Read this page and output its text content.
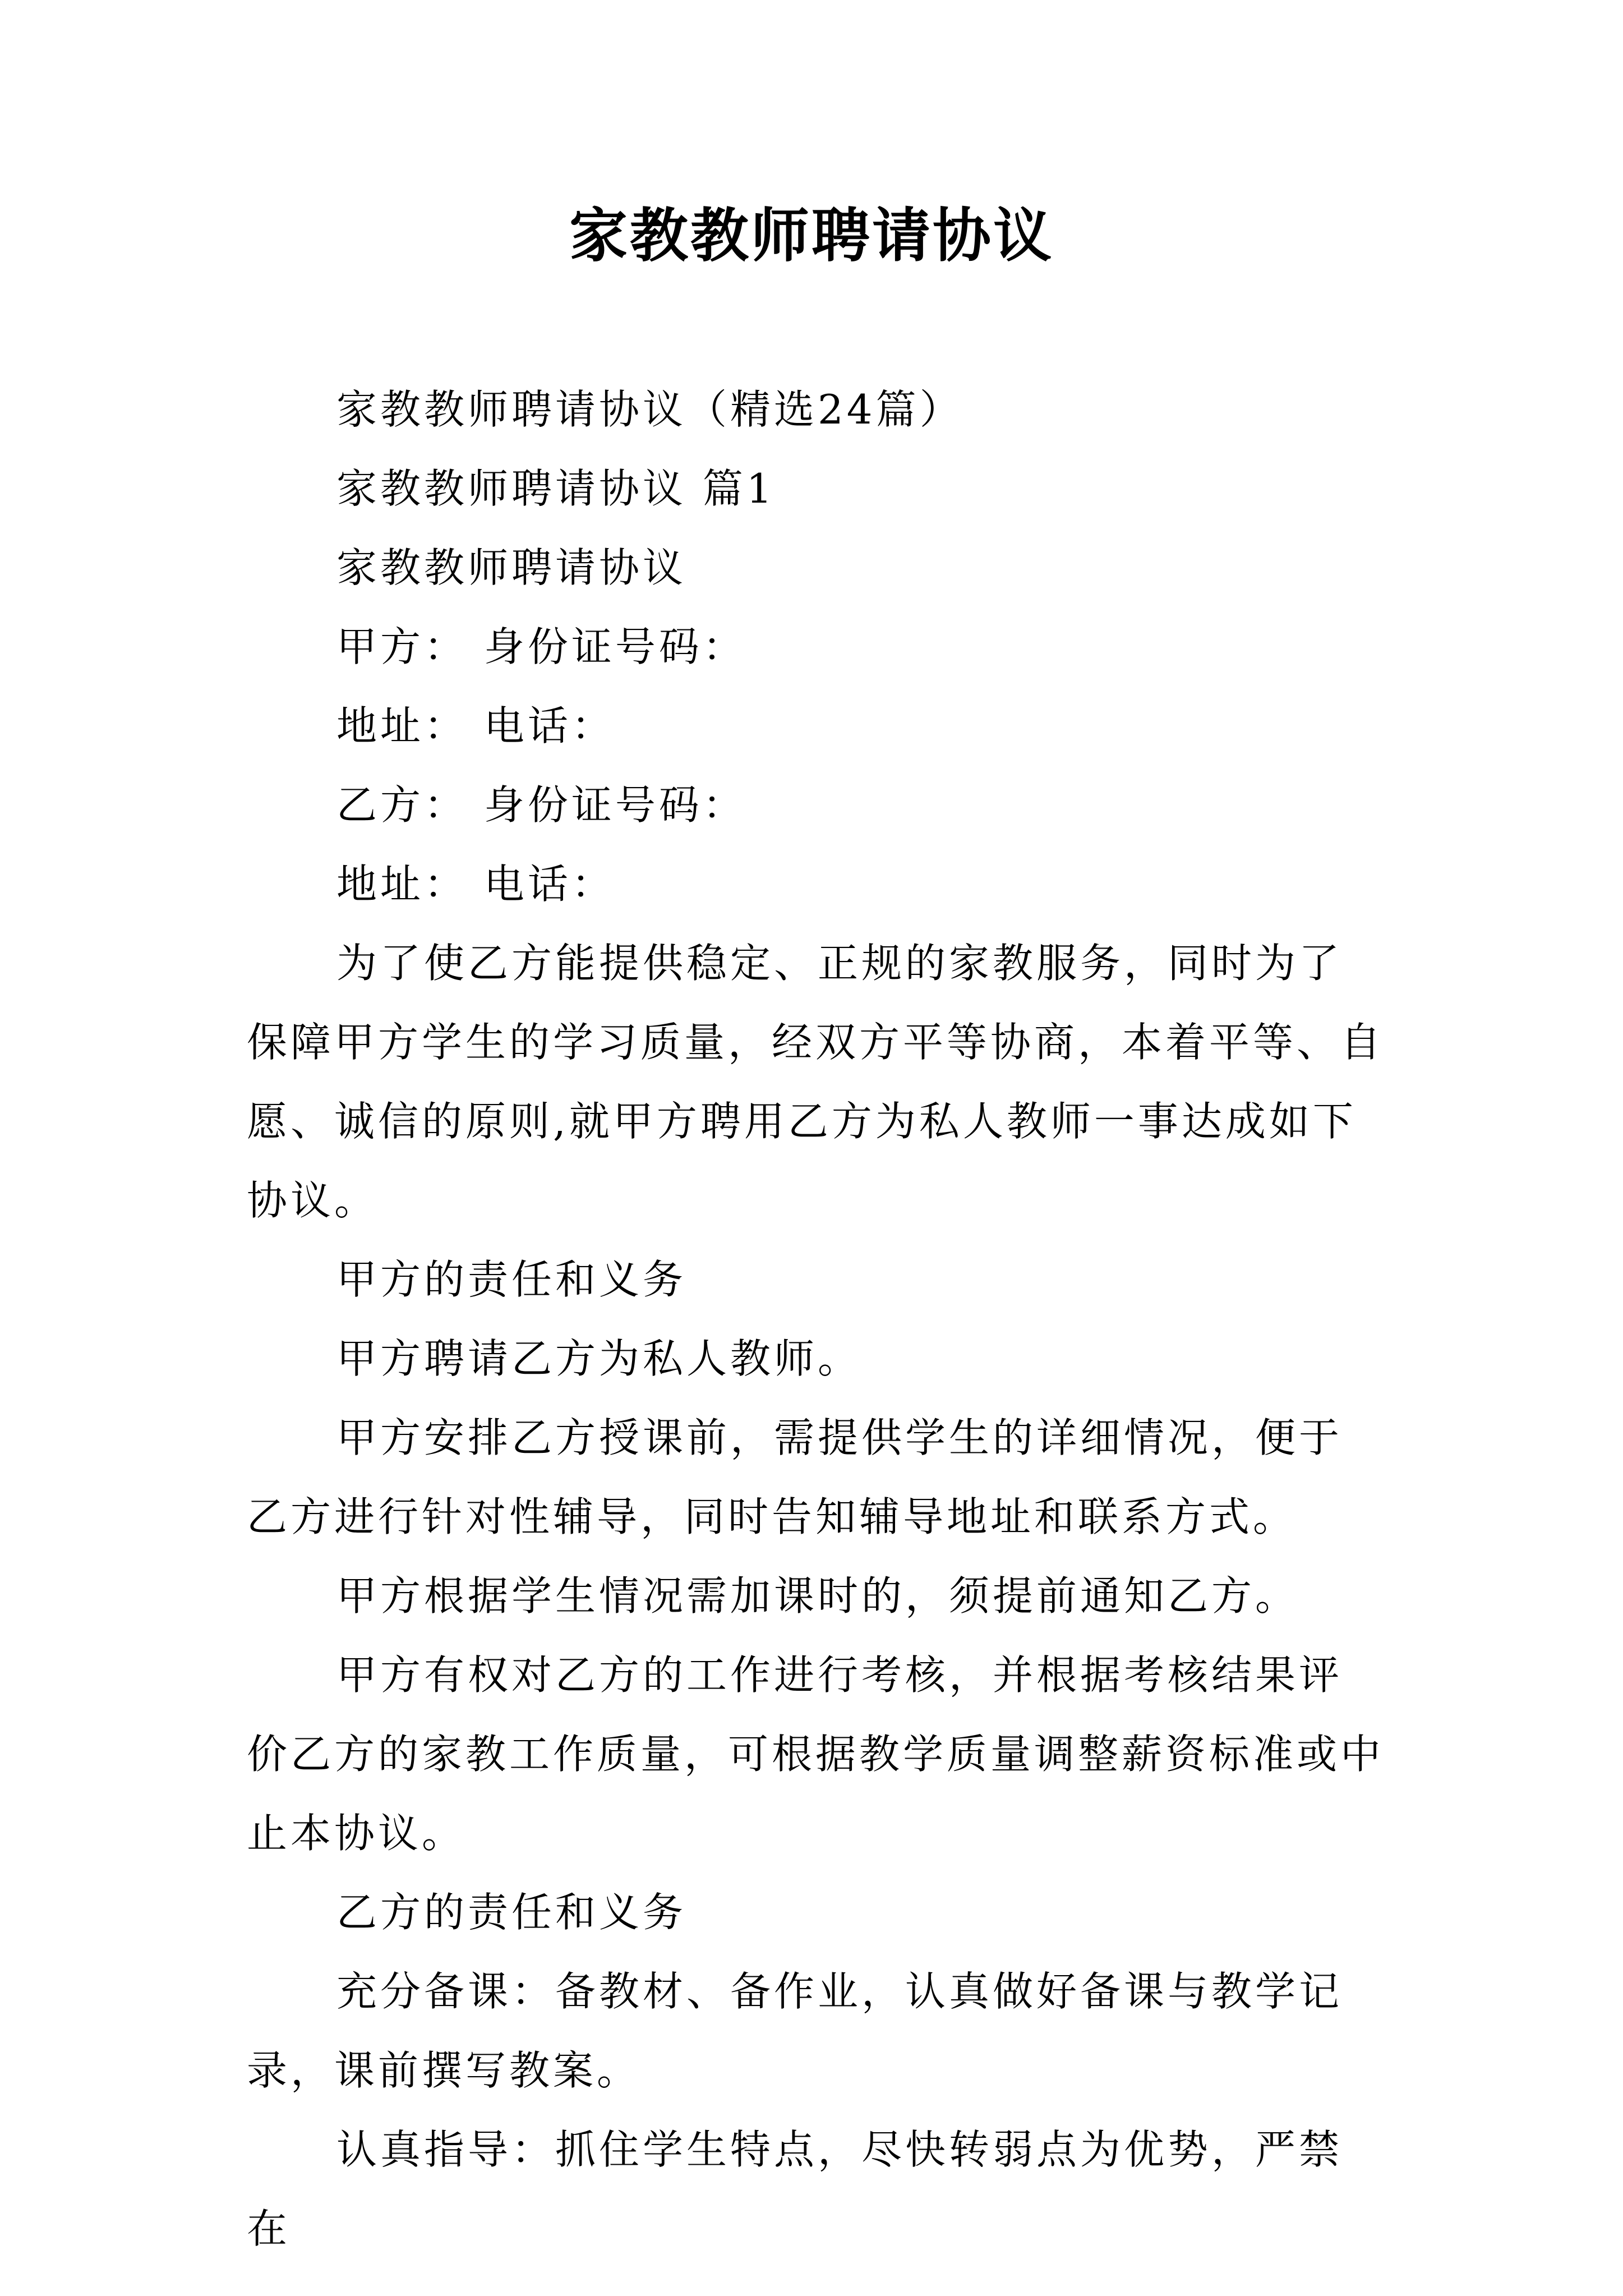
家教教师聘请协议

家教教师聘请协议（精选24篇）

家教教师聘请协议 篇1

家教教师聘请协议

甲方： 身份证号码：

地址： 电话：

乙方： 身份证号码：

地址： 电话：

为了使乙方能提供稳定、正规的家教服务，同时为了保障甲方学生的学习质量，经双方平等协商，本着平等、自愿、诚信的原则,就甲方聘用乙方为私人教师一事达成如下协议。

甲方的责任和义务

甲方聘请乙方为私人教师。

甲方安排乙方授课前，需提供学生的详细情况，便于乙方进行针对性辅导，同时告知辅导地址和联系方式。

甲方根据学生情况需加课时的，须提前通知乙方。

甲方有权对乙方的工作进行考核，并根据考核结果评价乙方的家教工作质量，可根据教学质量调整薪资标准或中止本协议。

乙方的责任和义务

充分备课：备教材、备作业，认真做好备课与教学记录，课前撰写教案。

认真指导：抓住学生特点，尽快转弱点为优势，严禁在
